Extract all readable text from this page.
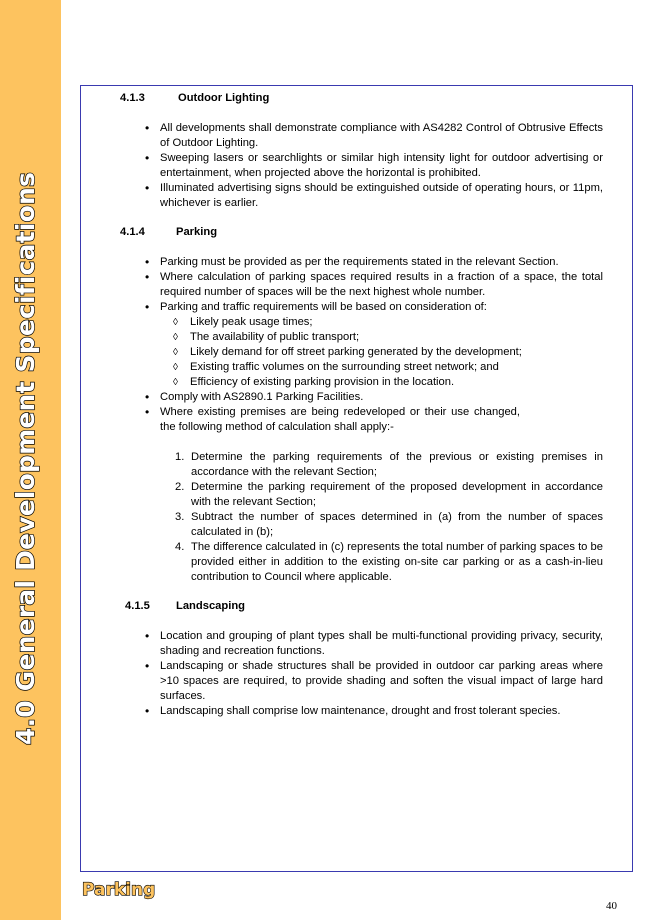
4.0 General Development Specifications
4.1.3	Outdoor Lighting
• All developments shall demonstrate compliance with AS4282 Control of Obtrusive Effects of Outdoor Lighting.
• Sweeping lasers or searchlights or similar high intensity light for outdoor advertising or entertainment, when projected above the horizontal is prohibited.
• Illuminated advertising signs should be extinguished outside of operating hours, or 11pm, whichever is earlier.
4.1.4	Parking
• Parking must be provided as per the requirements stated in the relevant Section.
• Where calculation of parking spaces required results in a fraction of a space, the total required number of spaces will be the next highest whole number.
• Parking and traffic requirements will be based on consideration of:
◊ Likely peak usage times;
◊ The availability of public transport;
◊ Likely demand for off street parking generated by the development;
◊ Existing traffic volumes on the surrounding street network; and
◊ Efficiency of existing parking provision in the location.
• Comply with AS2890.1 Parking Facilities.
• Where existing premises are being redeveloped or their use changed, the following method of calculation shall apply:-
1. Determine the parking requirements of the previous or existing premises in accordance with the relevant Section;
2. Determine the parking requirement of the proposed development in accordance with the relevant Section;
3. Subtract the number of spaces determined in (a) from the number of spaces calculated in (b);
4. The difference calculated in (c) represents the total number of parking spaces to be provided either in addition to the existing on-site car parking or as a cash-in-lieu contribution to Council where applicable.
4.1.5 Landscaping
• Location and grouping of plant types shall be multi-functional providing privacy, security, shading and recreation functions.
• Landscaping or shade structures shall be provided in outdoor car parking areas where >10 spaces are required, to provide shading and soften the visual impact of large hard surfaces.
• Landscaping shall comprise low maintenance, drought and frost tolerant species.
Parking
40
